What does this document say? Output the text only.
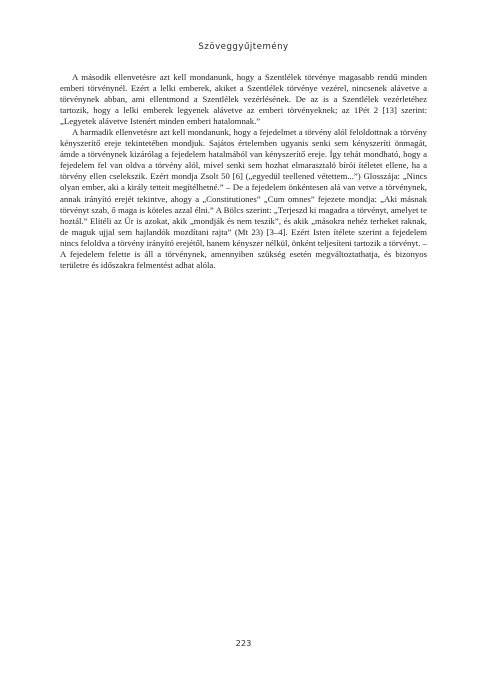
Szöveggyűjtemény

A második ellenvetésre azt kell mondanunk, hogy a Szentlélek törvénye magasabb rendű minden emberi törvénynél. Ezért a lelki emberek, akiket a Szentlélek törvénye vezérel, nincsenek alávetve a törvénynek abban, ami ellentmond a Szentlélek vezérlésének. De az is a Szentlélek vezérletéhez tartozik, hogy a lelki emberek legyenek alávetve az emberi törvényeknek; az 1Pét 2 [13] szerint: „Legyetek alávetve Istenért minden emberi hatalomnak.”

A harmadik ellenvetésre azt kell mondanunk, hogy a fejedelmet a törvény alól feloldottnak a törvény kényszerítő ereje tekintetében mondjuk. Sajátos értelemben ugyanis senki sem kényszeríti önmagát, ámde a törvénynek kizárólag a fejedelem hatalmából van kényszerítő ereje. Így tehát mondható, hogy a fejedelem fel van oldva a törvény alól, mivel senki sem hozhat elmarasztaló bírói ítéletet ellene, ha a törvény ellen cselekszik. Ezért mondja Zsolt 50 [6] („egyedül teellened vétettem...”) Glosszája: „Nincs olyan ember, aki a király tetteit megítélhetné.” – De a fejedelem önkéntesen alá van vetve a törvénynek, annak irányító erejét tekintve, ahogy a „Constitutiones” „Cum omnes” fejezete mondja: „Aki másnak törvényt szab, ő maga is köteles azzal élni.” A Bölcs szerint: „Terjeszd ki magadra a törvényt, amelyet te hoztál.” Elítéli az Úr is azokat, akik „mondják és nem teszik”, és akik „másokra nehéz terheket raknak, de maguk ujjal sem hajlandók mozdítani rajta” (Mt 23) [3–4]. Ezért Isten ítélete szerint a fejedelem nincs feloldva a törvény irányító erejétől, hanem kényszer nélkül, önként teljesíteni tartozik a törvényt. – A fejedelem felette is áll a törvénynek, amennyiben szükség esetén megváltoztathatja, és bizonyos területre és időszakra felmentést adhat alóla.

223
